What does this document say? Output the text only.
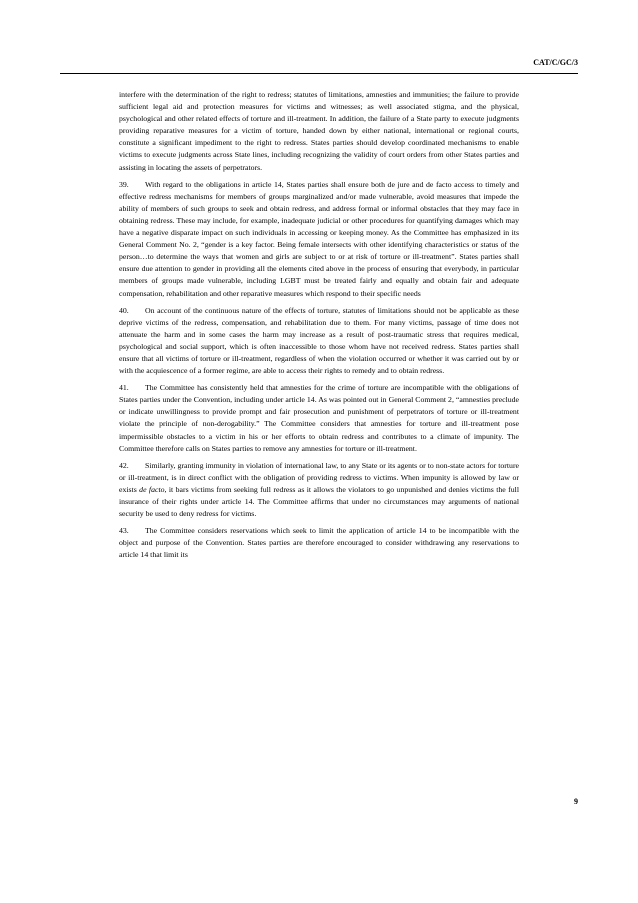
CAT/C/GC/3

interfere with the determination of the right to redress; statutes of limitations, amnesties and immunities; the failure to provide sufficient legal aid and protection measures for victims and witnesses; as well associated stigma, and the physical, psychological and other related effects of torture and ill-treatment. In addition, the failure of a State party to execute judgments providing reparative measures for a victim of torture, handed down by either national, international or regional courts, constitute a significant impediment to the right to redress. States parties should develop coordinated mechanisms to enable victims to execute judgments across State lines, including recognizing the validity of court orders from other States parties and assisting in locating the assets of perpetrators.

39. With regard to the obligations in article 14, States parties shall ensure both de jure and de facto access to timely and effective redress mechanisms for members of groups marginalized and/or made vulnerable, avoid measures that impede the ability of members of such groups to seek and obtain redress, and address formal or informal obstacles that they may face in obtaining redress. These may include, for example, inadequate judicial or other procedures for quantifying damages which may have a negative disparate impact on such individuals in accessing or keeping money. As the Committee has emphasized in its General Comment No. 2, “gender is a key factor. Being female intersects with other identifying characteristics or status of the person…to determine the ways that women and girls are subject to or at risk of torture or ill-treatment”. States parties shall ensure due attention to gender in providing all the elements cited above in the process of ensuring that everybody, in particular members of groups made vulnerable, including LGBT must be treated fairly and equally and obtain fair and adequate compensation, rehabilitation and other reparative measures which respond to their specific needs

40. On account of the continuous nature of the effects of torture, statutes of limitations should not be applicable as these deprive victims of the redress, compensation, and rehabilitation due to them. For many victims, passage of time does not attenuate the harm and in some cases the harm may increase as a result of post-traumatic stress that requires medical, psychological and social support, which is often inaccessible to those whom have not received redress. States parties shall ensure that all victims of torture or ill-treatment, regardless of when the violation occurred or whether it was carried out by or with the acquiescence of a former regime, are able to access their rights to remedy and to obtain redress.

41. The Committee has consistently held that amnesties for the crime of torture are incompatible with the obligations of States parties under the Convention, including under article 14. As was pointed out in General Comment 2, “amnesties preclude or indicate unwillingness to provide prompt and fair prosecution and punishment of perpetrators of torture or ill-treatment violate the principle of non-derogability.” The Committee considers that amnesties for torture and ill-treatment pose impermissible obstacles to a victim in his or her efforts to obtain redress and contributes to a climate of impunity. The Committee therefore calls on States parties to remove any amnesties for torture or ill-treatment.

42. Similarly, granting immunity in violation of international law, to any State or its agents or to non-state actors for torture or ill-treatment, is in direct conflict with the obligation of providing redress to victims. When impunity is allowed by law or exists de facto, it bars victims from seeking full redress as it allows the violators to go unpunished and denies victims the full insurance of their rights under article 14. The Committee affirms that under no circumstances may arguments of national security be used to deny redress for victims.

43. The Committee considers reservations which seek to limit the application of article 14 to be incompatible with the object and purpose of the Convention. States parties are therefore encouraged to consider withdrawing any reservations to article 14 that limit its

9
